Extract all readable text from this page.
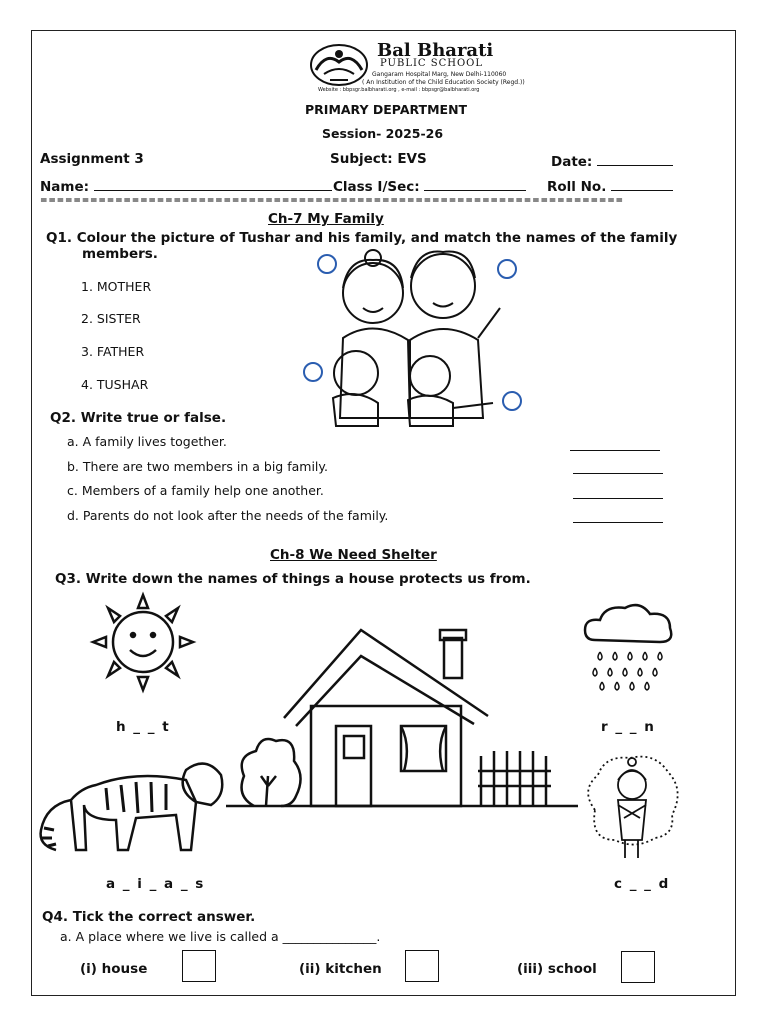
Bal Bharati
PUBLIC SCHOOL
Gangaram Hospital Marg, New Delhi-110060
( An Institution of the Child Education Society (Regd.))
Website : bbpsgr.balbharati.org , e-mail : bbpsgr@balbharati.org
PRIMARY DEPARTMENT
Session- 2025-26
Assignment 3	Subject: EVS	Date:
Name:	Class I/Sec:	Roll No.
======================================================================
Ch-7 My Family
Q1. Colour the picture of Tushar and his family, and match the names of the family
members.
1. MOTHER
2. SISTER
3. FATHER
4. TUSHAR
Q2. Write true or false.
a. A family lives together.
b. There are two members in a big family.
c. Members of a family help one another.
d. Parents do not look after the needs of the family.
Ch-8 We Need Shelter
Q3. Write down the names of things a house protects us from.
h _ _ t	r _ _ n
a _ i _ a _ s	c _ _ d
Q4. Tick the correct answer.
a. A place where we live is called a _______________.
(i) house	(ii) kitchen	(iii) school
